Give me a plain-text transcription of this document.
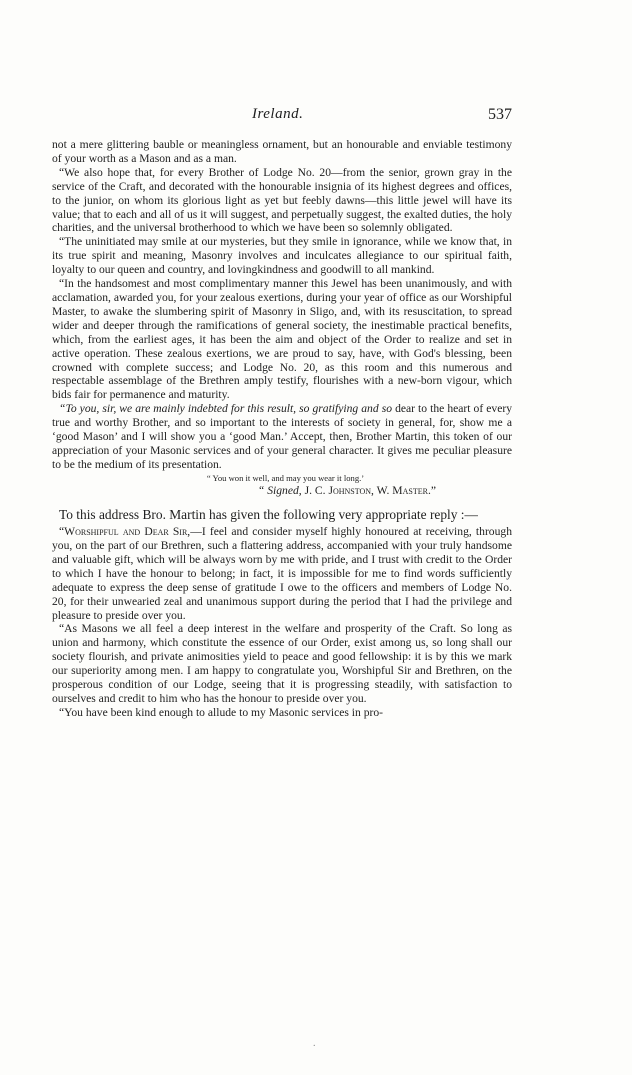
Ireland.	537

not a mere glittering bauble or meaningless ornament, but an honourable and enviable testimony of your worth as a Mason and as a man.

“We also hope that, for every Brother of Lodge No. 20—from the senior, grown gray in the service of the Craft, and decorated with the honourable insignia of its highest degrees and offices, to the junior, on whom its glorious light as yet but feebly dawns—this little jewel will have its value; that to each and all of us it will suggest, and perpetually suggest, the exalted duties, the holy charities, and the universal brotherhood to which we have been so solemnly obligated.

“The uninitiated may smile at our mysteries, but they smile in ignorance, while we know that, in its true spirit and meaning, Masonry involves and inculcates allegiance to our spiritual faith, loyalty to our queen and country, and lovingkindness and goodwill to all mankind.

“In the handsomest and most complimentary manner this Jewel has been unanimously, and with acclamation, awarded you, for your zealous exertions, during your year of office as our Worshipful Master, to awake the slumbering spirit of Masonry in Sligo, and, with its resuscitation, to spread wider and deeper through the ramifications of general society, the inestimable practical benefits, which, from the earliest ages, it has been the aim and object of the Order to realize and set in active operation. These zealous exertions, we are proud to say, have, with God's blessing, been crowned with complete success; and Lodge No. 20, as this room and this numerous and respectable assemblage of the Brethren amply testify, flourishes with a new-born vigour, which bids fair for permanence and maturity.

“To you, sir, we are mainly indebted for this result, so gratifying and so dear to the heart of every true and worthy Brother, and so important to the interests of society in general, for, show me a ‘good Mason’ and I will show you a ‘good Man.’ Accept, then, Brother Martin, this token of our appreciation of your Masonic services and of your general character. It gives me peculiar pleasure to be the medium of its presentation.

“ You won it well, and may you wear it long.’

“ Signed, J. C. Johnston, W. Master.”

To this address Bro. Martin has given the following very appropriate reply :—

“Worshipful and Dear Sir,—I feel and consider myself highly honoured at receiving, through you, on the part of our Brethren, such a flattering address, accompanied with your truly handsome and valuable gift, which will be always worn by me with pride, and I trust with credit to the Order to which I have the honour to belong; in fact, it is impossible for me to find words sufficiently adequate to express the deep sense of gratitude I owe to the officers and members of Lodge No. 20, for their unwearied zeal and unanimous support during the period that I had the privilege and pleasure to preside over you.

“As Masons we all feel a deep interest in the welfare and prosperity of the Craft. So long as union and harmony, which constitute the essence of our Order, exist among us, so long shall our society flourish, and private animosities yield to peace and good fellowship: it is by this we mark our superiority among men. I am happy to congratulate you, Worshipful Sir and Brethren, on the prosperous condition of our Lodge, seeing that it is progressing steadily, with satisfaction to ourselves and credit to him who has the honour to preside over you.

“You have been kind enough to allude to my Masonic services in pro-

.
